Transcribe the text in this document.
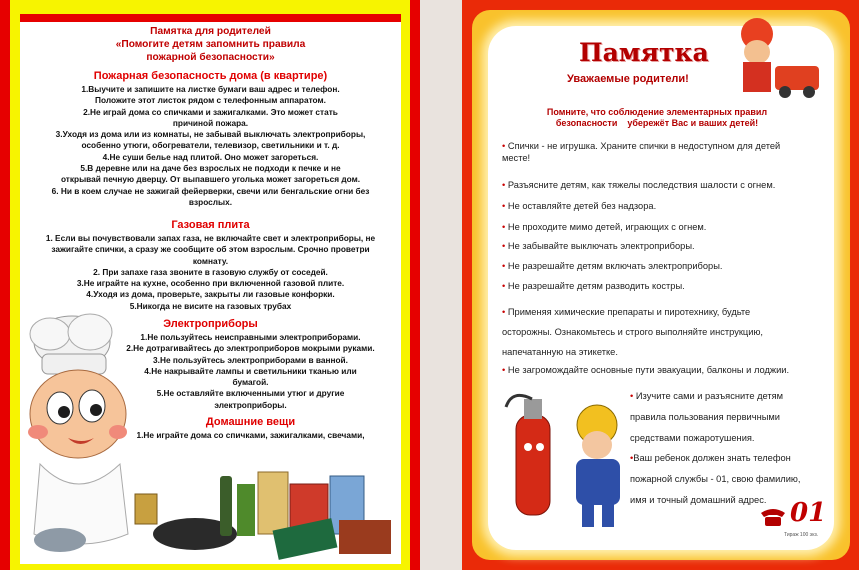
Памятка для родителей
«Помогите детям запомнить правила
пожарной безопасности»
Пожарная безопасность дома (в квартире)
1.Выучите и запишите на листке бумаги ваш адрес и телефон.
Положите этот листок рядом с телефонным аппаратом.
2.Не играй дома со спичками и зажигалками. Это может стать
причиной пожара.
3.Уходя из дома или из комнаты, не забывай выключать электроприборы,
особенно утюги, обогреватели, телевизор, светильники и т. д.
4.Не суши белье над плитой. Оно может загореться.
5.В деревне или на даче без взрослых не подходи к печке и не
открывай печную дверцу. От выпавшего уголька может загореться дом.
6. Ни в коем случае не зажигай фейерверки, свечи или бенгальские огни без
взрослых.
Газовая плита
1. Если вы почувствовали запах газа, не включайте свет и электроприборы, не
зажигайте спички, а сразу же сообщите об этом взрослым. Срочно проветри
комнату.
2. При запахе газа звоните в газовую службу от соседей.
3.Не играйте на кухне, особенно при включенной газовой плите.
4.Уходя из дома, проверьте, закрыты ли газовые конфорки.
5.Никогда не висите на газовых трубах
Электроприборы
1.Не пользуйтесь неисправными электроприборами.
2.Не дотрагивайтесь до электроприборов мокрыми руками.
3.Не пользуйтесь электроприборами в ванной.
4.Не накрывайте лампы и светильники тканью или
бумагой.
5.Не оставляйте включенными утюг и другие
электроприборы.
Домашние вещи
1.Не играйте дома со спичками, зажигалками, свечами,
Памятка
Уважаемые родители!
Помните, что соблюдение элементарных правил
безопасности    убережёт Вас и ваших детей!
• Спички - не игрушка. Храните спички в недоступном для детей
месте!
• Разъясните детям, как тяжелы последствия шалости с огнем.
• Не оставляйте детей без надзора.
• Не проходите мимо детей, играющих с огнем.
• Не забывайте выключать электроприборы.
• Не разрешайте детям включать электроприборы.
• Не разрешайте детям разводить костры.
• Применяя химические препараты и пиротехнику, будьте
осторожны. Ознакомьтесь и строго выполняйте инструкцию,
напечатанную на этикетке.
• Не загромождайте основные пути эвакуации, балконы и лоджии.
• Изучите сами и разъясните детям
правила пользования первичными
средствами пожаротушения.
•Ваш ребенок должен знать телефон
пожарной службы - 01, свою фамилию,
имя и точный домашний адрес. 01
Тираж 100 экз.
